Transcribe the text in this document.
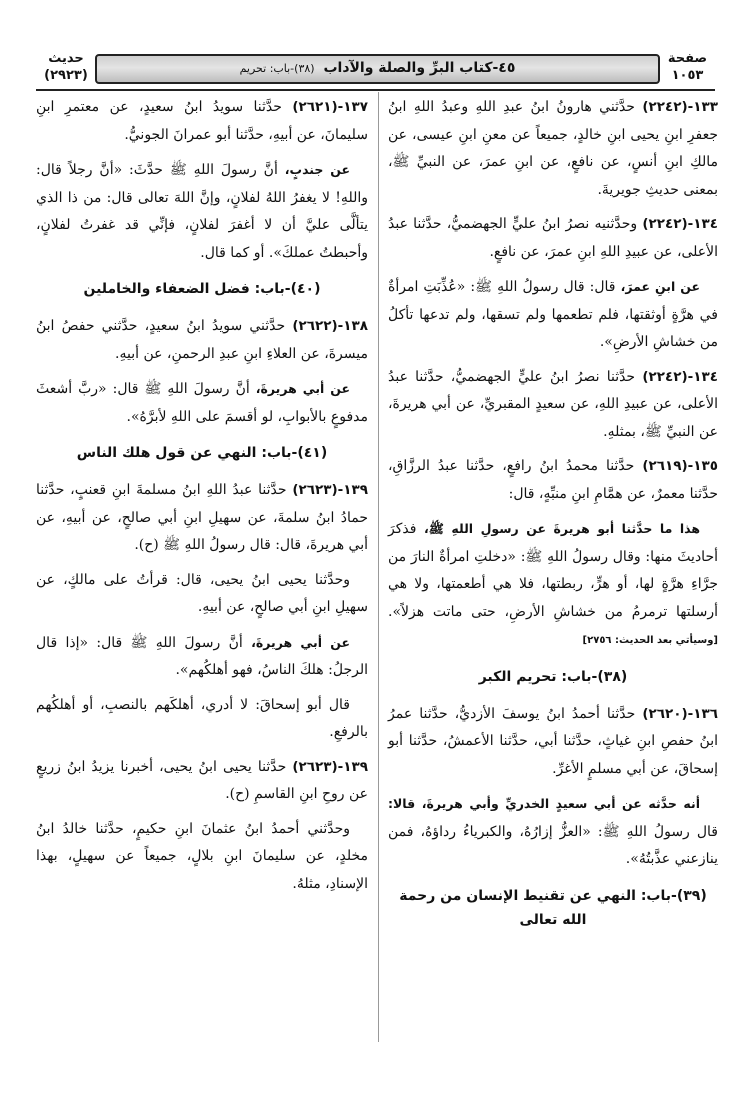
صفحة
١٠٥٣
٤٥-كتاب البرِّ والصلة والآداب (٣٨)-باب: تحريم
حديث
(٢٩٢٣)

١٣٣-(٢٢٤٢) حدَّثني هارونُ ابنُ عبدِ اللهِ وعبدُ اللهِ ابنُ جعفرِ ابنِ يحيى ابنِ خالدٍ، جميعاً عن معنِ ابنِ عيسى، عن مالكِ ابنِ أنسٍ، عن نافعٍ، عن ابنِ عمرَ، عن النبيِّ ﷺ، بمعنى حديثِ جويريةَ.

١٣٤-(٢٢٤٢) وحدَّثنيه نصرُ ابنُ عليٍّ الجهضميُّ، حدَّثنا عبدُ الأعلى، عن عبيدِ اللهِ ابنِ عمرَ، عن نافعٍ.

عن ابنِ عمرَ، قال: قال رسولُ اللهِ ﷺ: «عُذِّبَتِ امرأةٌ في هرَّةٍ أوثقتها، فلم تطعمها ولم تسقها، ولم تدعها تأكلُ من خشاشِ الأرضِ».

١٣٤-(٢٢٤٢) حدَّثنا نصرُ ابنُ عليٍّ الجهضميُّ، حدَّثنا عبدُ الأعلى، عن عبيدِ اللهِ، عن سعيدٍ المقبريِّ، عن أبي هريرةَ، عن النبيِّ ﷺ، بمثلهِ.

١٣٥-(٢٦١٩) حدَّثنا محمدُ ابنُ رافعٍ، حدَّثنا عبدُ الرزَّاقِ، حدَّثنا معمرٌ، عن همَّامِ ابنِ منبِّهٍ، قال:

هذا ما حدَّثنا أبو هريرةَ عن رسولِ اللهِ ﷺ، فذكرَ أحاديثَ منها: وقال رسولُ اللهِ ﷺ: «دخلتِ امرأةٌ النارَ من جرَّاءِ هرَّةٍ لها، أو هرٍّ، ربطتها، فلا هي أطعمتها، ولا هي أرسلتها ترمرمُ من خشاشِ الأرضِ، حتى ماتت هزلاً». [وسيأتي بعد الحديث: ٢٧٥٦]

(٣٨)-باب: تحريم الكبر

١٣٦-(٢٦٢٠) حدَّثنا أحمدُ ابنُ يوسفَ الأزديُّ، حدَّثنا عمرُ ابنُ حفصِ ابنِ غياثٍ، حدَّثنا أبي، حدَّثنا الأعمشُ، حدَّثنا أبو إسحاقَ، عن أبي مسلمٍ الأغرِّ.

أنه حدَّثه عن أبي سعيدٍ الخدريِّ وأبي هريرةَ، قالا: قال رسولُ اللهِ ﷺ: «العزُّ إزارُهُ، والكبرياءُ رداؤهُ، فمن ينازعني عذَّبتُهُ».

(٣٩)-باب: النهي عن تقنيط الإنسان من رحمة الله تعالى

١٣٧-(٢٦٢١) حدَّثنا سويدُ ابنُ سعيدٍ، عن معتمرِ ابنِ سليمانَ، عن أبيهِ، حدَّثنا أبو عمرانَ الجونيُّ.

عن جندبٍ، أنَّ رسولَ اللهِ ﷺ حدَّثَ: «أنَّ رجلاً قال: واللهِ! لا يغفرُ اللهُ لفلانٍ، وإنَّ اللهَ تعالى قال: من ذا الذي يتألَّى عليَّ أن لا أغفرَ لفلانٍ، فإنِّي قد غفرتُ لفلانٍ، وأحبطتُ عملكَ». أو كما قال.

(٤٠)-باب: فضل الضعفاء والخاملين

١٣٨-(٢٦٢٢) حدَّثني سويدُ ابنُ سعيدٍ، حدَّثني حفصُ ابنُ ميسرةَ، عن العلاءِ ابنِ عبدِ الرحمنِ، عن أبيهِ.

عن أبي هريرةَ، أنَّ رسولَ اللهِ ﷺ قال: «ربَّ أشعثَ مدفوعٍ بالأبوابِ، لو أقسمَ على اللهِ لأبرَّهُ».

(٤١)-باب: النهي عن قول هلك الناس

١٣٩-(٢٦٢٣) حدَّثنا عبدُ اللهِ ابنُ مسلمةَ ابنِ قعنبٍ، حدَّثنا حمادُ ابنُ سلمةَ، عن سهيلِ ابنِ أبي صالحٍ، عن أبيهِ، عن أبي هريرةَ، قال: قال رسولُ اللهِ ﷺ (ح).

وحدَّثنا يحيى ابنُ يحيى، قال: قرأتُ على مالكٍ، عن سهيلِ ابنِ أبي صالحٍ، عن أبيهِ.

عن أبي هريرةَ، أنَّ رسولَ اللهِ ﷺ قال: «إذا قال الرجلُ: هلكَ الناسُ، فهو أهلكُهم».

قال أبو إسحاقَ: لا أدري، أهلكَهم بالنصبِ، أو أهلكُهم بالرفعِ.

١٣٩-(٢٦٢٣) حدَّثنا يحيى ابنُ يحيى، أخبرنا يزيدُ ابنُ زريعٍ عن روحِ ابنِ القاسمِ (ح).

وحدَّثني أحمدُ ابنُ عثمانَ ابنِ حكيمٍ، حدَّثنا خالدُ ابنُ مخلدٍ، عن سليمانَ ابنِ بلالٍ، جميعاً عن سهيلٍ، بهذا الإسنادِ، مثلهُ.
